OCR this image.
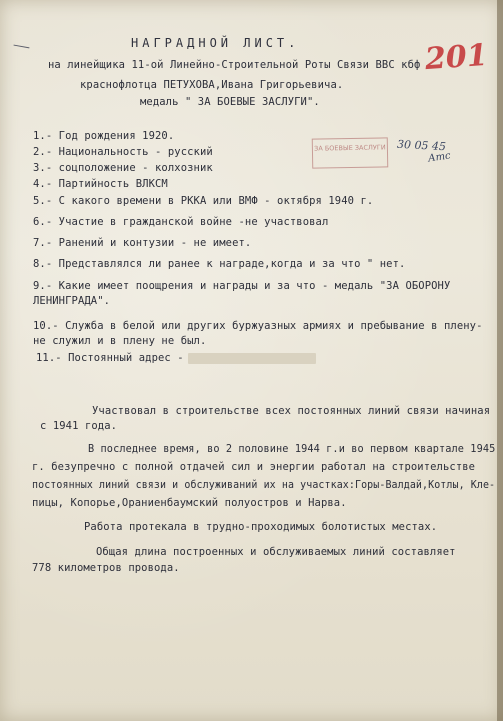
НАГРАДНОЙ ЛИСТ.	201
на линейщика 11-ой Линейно-Строительной Роты Связи ВВС кбф
краснофлотца ПЕТУХОВА,Ивана Григорьевича.
медаль " ЗА БОЕВЫЕ ЗАСЛУГИ".
ЗА БОЕВЫЕ ЗАСЛУГИ 30 05 45
Атс
1.- Год рождения 1920.
2.- Национальность - русский
3.- соцположение - колхозник
4.- Партийность ВЛКСМ
5.- С какого времени в РККА или ВМФ - октября 1940 г.
6.- Участие в гражданской войне -не участвовал
7.- Ранений и контузии - не имеет.
8.- Представлялся ли ранее к награде,когда и за что " нет.
9.- Какие имеет поощрения и награды и за что - медаль "ЗА ОБОРОНУ
ЛЕНИНГРАДА".
10.- Служба в белой или других буржуазных армиях и пребывание в плену-
не служил и в плену не был.
11.- Постоянный адрес -
Участвовал в строительстве всех постоянных линий связи начиная
с 1941 года.
В последнее время, во 2 половине 1944 г.и во первом квартале 1945
г. безупречно с полной отдачей сил и энергии работал на строительстве
постоянных линий связи и обслуживаний их на участках:Горы-Валдай,Котлы, Кле-
пицы, Копорье,Ораниенбаумский полуостров и Нарва.
Работа протекала в трудно-проходимых болотистых местах.
Общая длина построенных и обслуживаемых линий составляет
778 километров провода.
